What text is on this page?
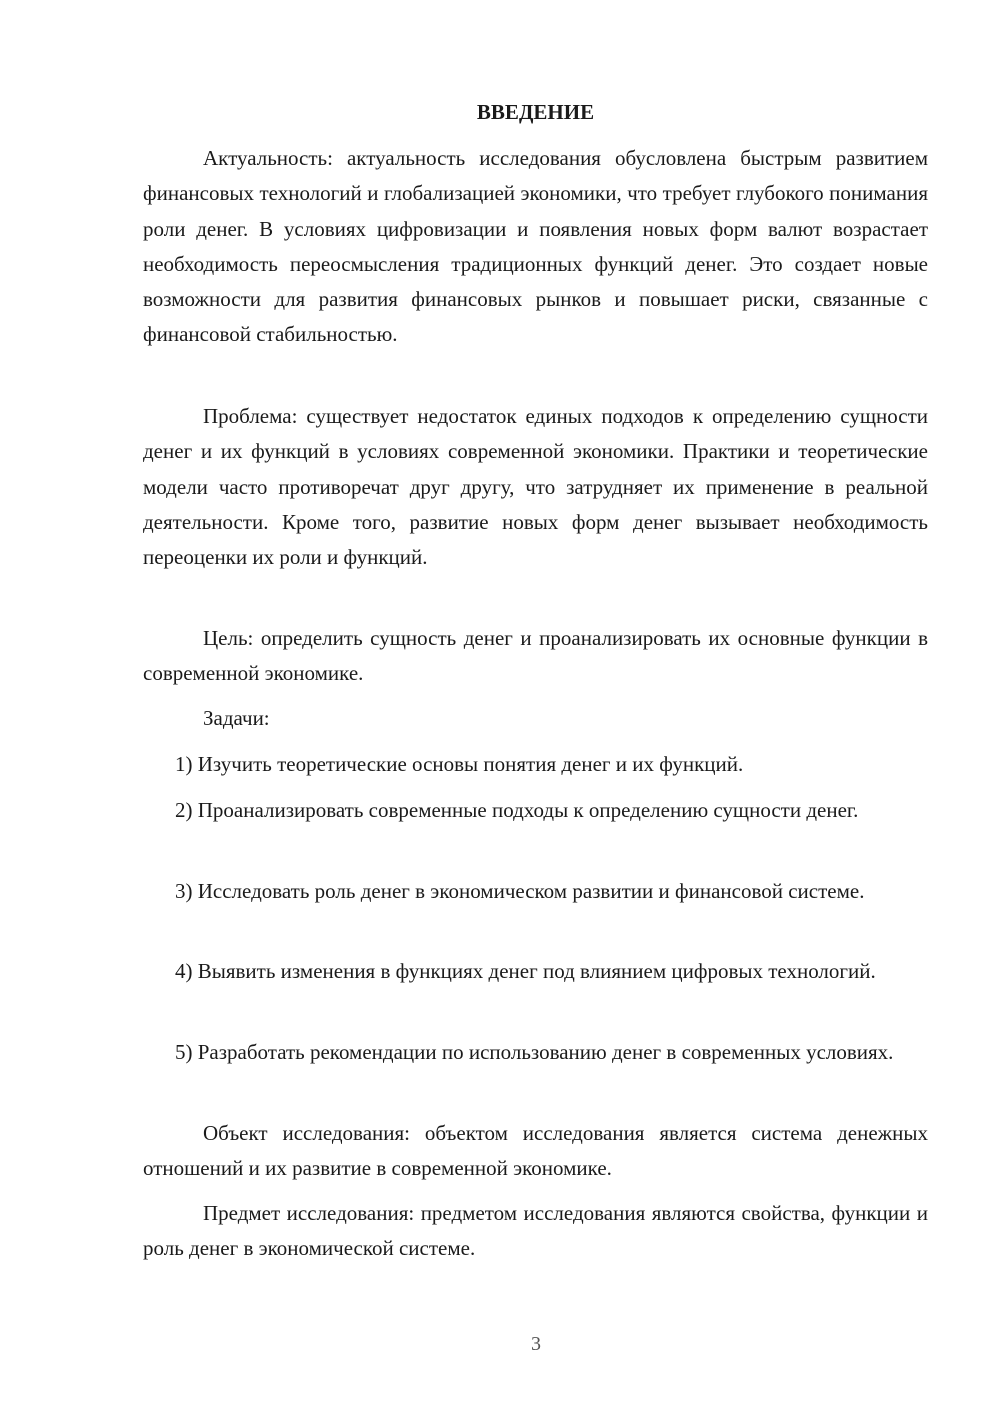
ВВЕДЕНИЕ

Актуальность: актуальность исследования обусловлена быстрым развитием финансовых технологий и глобализацией экономики, что требует глубокого понимания роли денег. В условиях цифровизации и появления новых форм валют возрастает необходимость переосмысления традиционных функций денег. Это создает новые возможности для развития финансовых рынков и повышает риски, связанные с финансовой стабильностью.

Проблема: существует недостаток единых подходов к определению сущности денег и их функций в условиях современной экономики. Практики и теоретические модели часто противоречат друг другу, что затрудняет их применение в реальной деятельности. Кроме того, развитие новых форм денег вызывает необходимость переоценки их роли и функций.

Цель: определить сущность денег и проанализировать их основные функции в современной экономике.

Задачи:

1) Изучить теоретические основы понятия денег и их функций.

2) Проанализировать современные подходы к определению сущности денег.

3) Исследовать роль денег в экономическом развитии и финансовой системе.

4) Выявить изменения в функциях денег под влиянием цифровых технологий.

5) Разработать рекомендации по использованию денег в современных условиях.

Объект исследования: объектом исследования является система денежных отношений и их развитие в современной экономике.

Предмет исследования: предметом исследования являются свойства, функции и роль денег в экономической системе.

3
